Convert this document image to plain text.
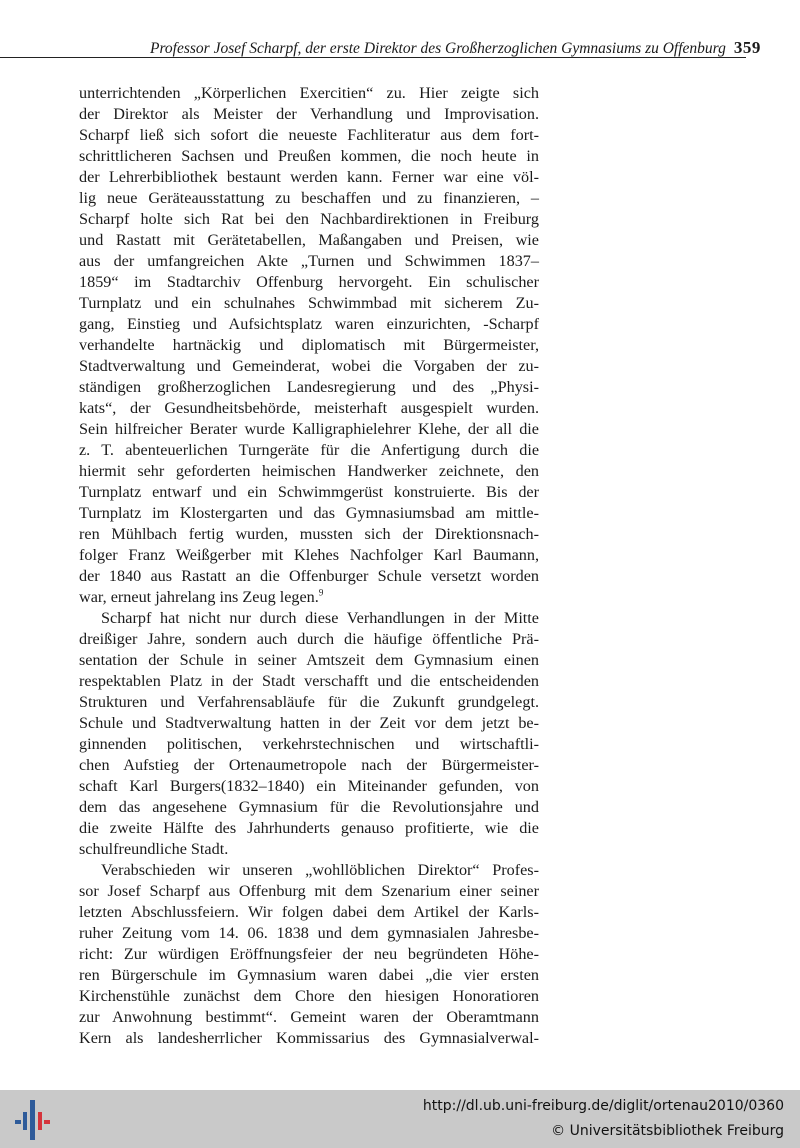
Professor Josef Scharpf, der erste Direktor des Großherzoglichen Gymnasiums zu Offenburg 359
unterrichtenden „Körperlichen Exercitien“ zu. Hier zeigte sich
der Direktor als Meister der Verhandlung und Improvisation.
Scharpf ließ sich sofort die neueste Fachliteratur aus dem fort-
schrittlicheren Sachsen und Preußen kommen, die noch heute in
der Lehrerbibliothek bestaunt werden kann. Ferner war eine völ-
lig neue Geräteausstattung zu beschaffen und zu finanzieren, –
Scharpf holte sich Rat bei den Nachbardirektionen in Freiburg
und Rastatt mit Gerätetabellen, Maßangaben und Preisen, wie
aus der umfangreichen Akte „Turnen und Schwimmen 1837–
1859“ im Stadtarchiv Offenburg hervorgeht. Ein schulischer
Turnplatz und ein schulnahes Schwimmbad mit sicherem Zu-
gang, Einstieg und Aufsichtsplatz waren einzurichten, -Scharpf
verhandelte hartnäckig und diplomatisch mit Bürgermeister,
Stadtverwaltung und Gemeinderat, wobei die Vorgaben der zu-
ständigen großherzoglichen Landesregierung und des „Physi-
kats“, der Gesundheitsbehörde, meisterhaft ausgespielt wurden.
Sein hilfreicher Berater wurde Kalligraphielehrer Klehe, der all die
z. T. abenteuerlichen Turngeräte für die Anfertigung durch die
hiermit sehr geforderten heimischen Handwerker zeichnete, den
Turnplatz entwarf und ein Schwimmgerüst konstruierte. Bis der
Turnplatz im Klostergarten und das Gymnasiumsbad am mittle-
ren Mühlbach fertig wurden, mussten sich der Direktionsnach-
folger Franz Weißgerber mit Klehes Nachfolger Karl Baumann,
der 1840 aus Rastatt an die Offenburger Schule versetzt worden
war, erneut jahrelang ins Zeug legen.$^9$
Scharpf hat nicht nur durch diese Verhandlungen in der Mitte
dreißiger Jahre, sondern auch durch die häufige öffentliche Prä-
sentation der Schule in seiner Amtszeit dem Gymnasium einen
respektablen Platz in der Stadt verschafft und die entscheidenden
Strukturen und Verfahrensabläufe für die Zukunft grundgelegt.
Schule und Stadtverwaltung hatten in der Zeit vor dem jetzt be-
ginnenden politischen, verkehrstechnischen und wirtschaftli-
chen Aufstieg der Ortenaumetropole nach der Bürgermeister-
schaft Karl Burgers(1832–1840) ein Miteinander gefunden, von
dem das angesehene Gymnasium für die Revolutionsjahre und
die zweite Hälfte des Jahrhunderts genauso profitierte, wie die
schulfreundliche Stadt.
Verabschieden wir unseren „wohllöblichen Direktor“ Profes-
sor Josef Scharpf aus Offenburg mit dem Szenarium einer seiner
letzten Abschlussfeiern. Wir folgen dabei dem Artikel der Karls-
ruher Zeitung vom 14. 06. 1838 und dem gymnasialen Jahresbe-
richt: Zur würdigen Eröffnungsfeier der neu begründeten Höhe-
ren Bürgerschule im Gymnasium waren dabei „die vier ersten
Kirchenstühle zunächst dem Chore den hiesigen Honoratioren
zur Anwohnung bestimmt“. Gemeint waren der Oberamtmann
Kern als landesherrlicher Kommissarius des Gymnasialverwal-
http://dl.ub.uni-freiburg.de/diglit/ortenau2010/0360
© Universitätsbibliothek Freiburg
